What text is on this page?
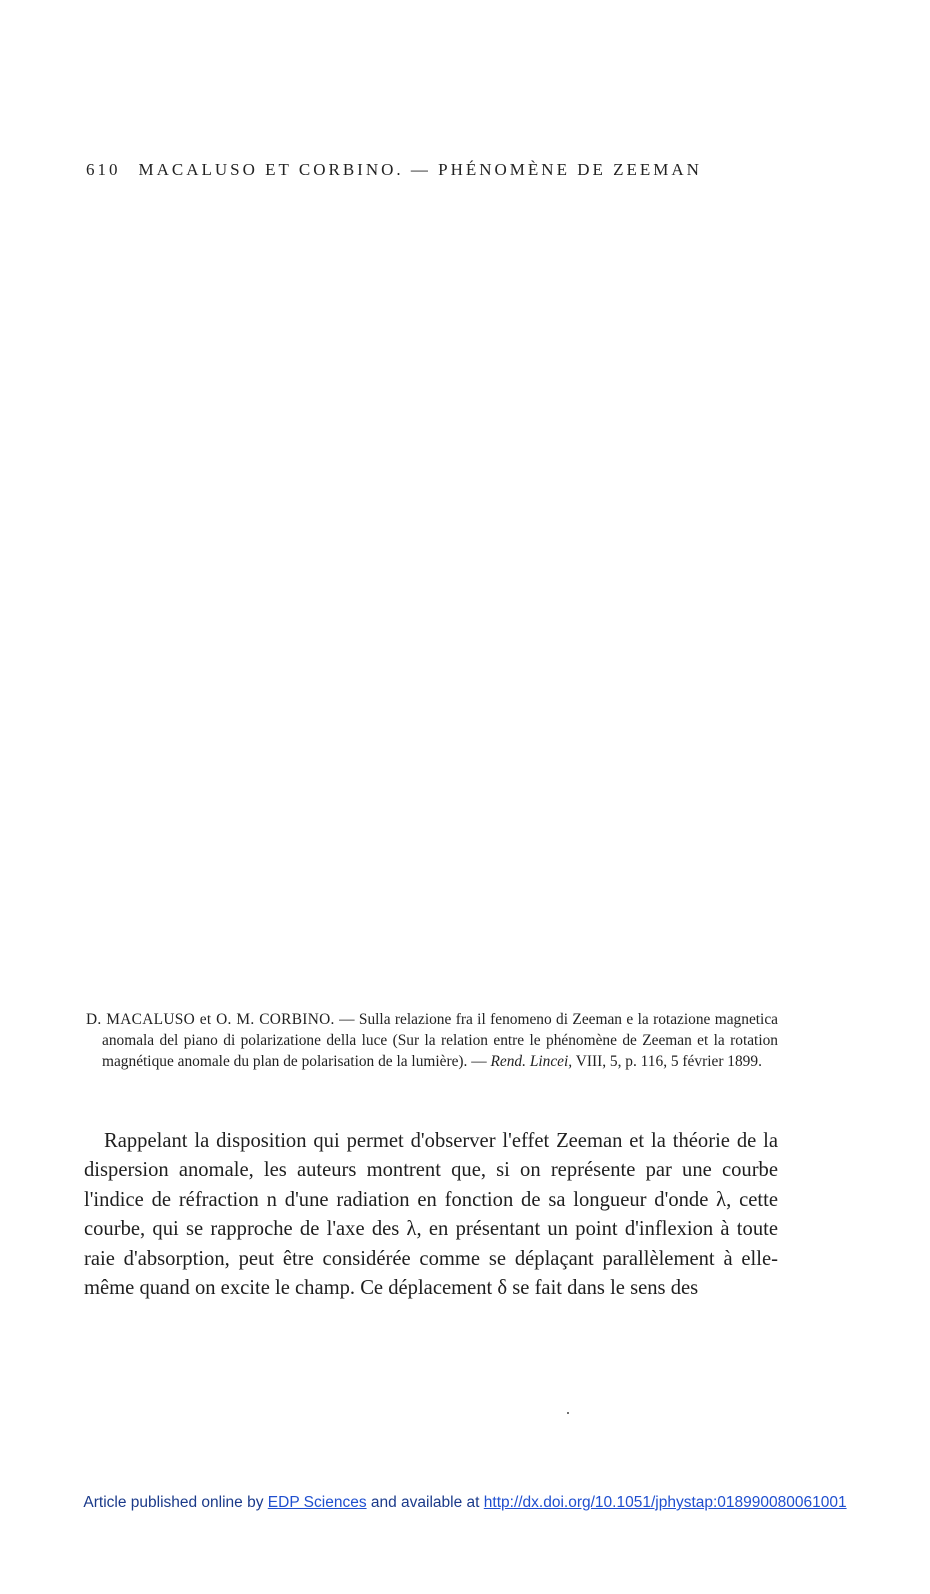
610 MACALUSO ET CORBINO. — PHÉNOMÈNE DE ZEEMAN
D. MACALUSO et O. M. CORBINO. — Sulla relazione fra il fenomeno di Zeeman e la rotazione magnetica anomala del piano di polarizatione della luce (Sur la relation entre le phénomène de Zeeman et la rotation magnétique anomale du plan de polarisation de la lumière). — Rend. Lincei, VIII, 5, p. 116, 5 février 1899.

Rappelant la disposition qui permet d'observer l'effet Zeeman et la théorie de la dispersion anomale, les auteurs montrent que, si on représente par une courbe l'indice de réfraction n d'une radiation en fonction de sa longueur d'onde λ, cette courbe, qui se rapproche de l'axe des λ, en présentant un point d'inflexion à toute raie d'absorption, peut être considérée comme se déplaçant parallèlement à elle-même quand on excite le champ. Ce déplacement δ se fait dans le sens des

Article published online by EDP Sciences and available at http://dx.doi.org/10.1051/jphystap:018990080061001
